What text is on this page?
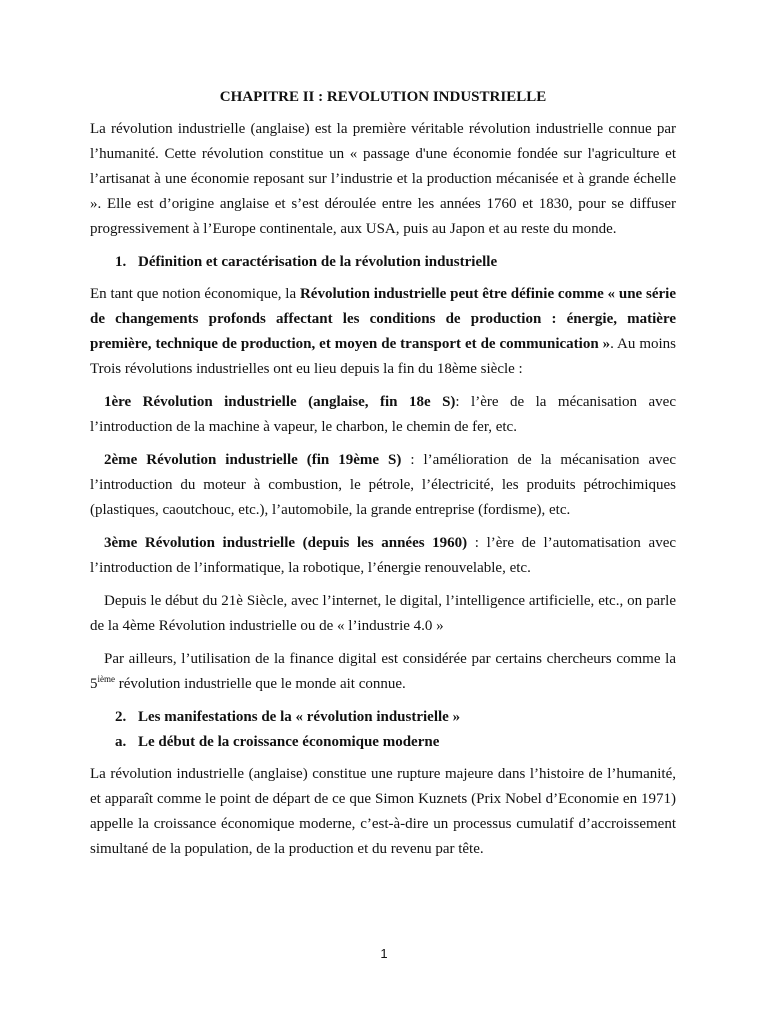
CHAPITRE II : REVOLUTION INDUSTRIELLE

La révolution industrielle (anglaise) est la première véritable révolution industrielle connue par l’humanité. Cette révolution constitue un « passage d'une économie fondée sur l'agriculture et l’artisanat à une économie reposant sur l’industrie et la production mécanisée et à grande échelle ». Elle est d’origine anglaise et s’est déroulée entre les années 1760 et 1830, pour se diffuser progressivement à l’Europe continentale, aux USA, puis au Japon et au reste du monde.

1. Définition et caractérisation de la révolution industrielle

En tant que notion économique, la Révolution industrielle peut être définie comme « une série de changements profonds affectant les conditions de production : énergie, matière première, technique de production, et moyen de transport et de communication ». Au moins Trois révolutions industrielles ont eu lieu depuis la fin du 18ème siècle :

1ère Révolution industrielle (anglaise, fin 18e S): l’ère de la mécanisation avec l’introduction de la machine à vapeur, le charbon, le chemin de fer, etc.

2ème Révolution industrielle (fin 19ème S) : l’amélioration de la mécanisation avec l’introduction du moteur à combustion, le pétrole, l’électricité, les produits pétrochimiques (plastiques, caoutchouc, etc.), l’automobile, la grande entreprise (fordisme), etc.

3ème Révolution industrielle (depuis les années 1960) : l’ère de l’automatisation avec l’introduction de l’informatique, la robotique, l’énergie renouvelable, etc.

Depuis le début du 21è Siècle, avec l’internet, le digital, l’intelligence artificielle, etc., on parle de la 4ème Révolution industrielle ou de « l’industrie 4.0 »

Par ailleurs, l’utilisation de la finance digital est considérée par certains chercheurs comme la 5ième révolution industrielle que le monde ait connue.

2. Les manifestations de la « révolution industrielle »
a. Le début de la croissance économique moderne

La révolution industrielle (anglaise) constitue une rupture majeure dans l’histoire de l’humanité, et apparaît comme le point de départ de ce que Simon Kuznets (Prix Nobel d’Economie en 1971) appelle la croissance économique moderne, c’est-à-dire un processus cumulatif d’accroissement simultané de la population, de la production et du revenu par tête.

1
